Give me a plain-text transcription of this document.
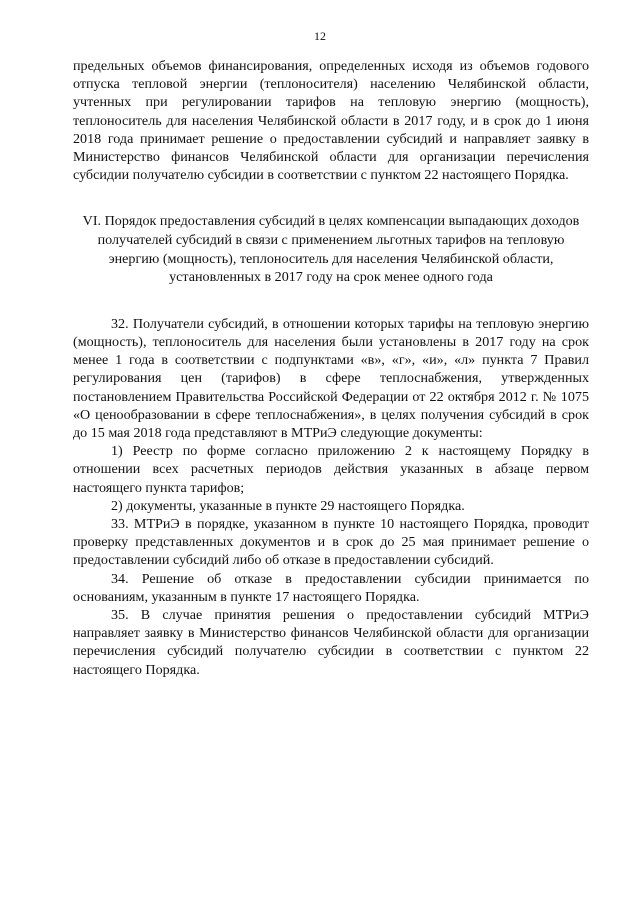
12

предельных объемов финансирования, определенных исходя из объемов годового отпуска тепловой энергии (теплоносителя) населению Челябинской области, учтенных при регулировании тарифов на тепловую энергию (мощность), теплоноситель для населения Челябинской области в 2017 году, и в срок до 1 июня 2018 года принимает решение о предоставлении субсидий и направляет заявку в Министерство финансов Челябинской области для организации перечисления субсидии получателю субсидии в соответствии с пунктом 22 настоящего Порядка.

VI. Порядок предоставления субсидий в целях компенсации выпадающих доходов получателей субсидий в связи с применением льготных тарифов на тепловую энергию (мощность), теплоноситель для населения Челябинской области, установленных в 2017 году на срок менее одного года

32. Получатели субсидий, в отношении которых тарифы на тепловую энергию (мощность), теплоноситель для населения были установлены в 2017 году на срок менее 1 года в соответствии с подпунктами «в», «г», «и», «л» пункта 7 Правил регулирования цен (тарифов) в сфере теплоснабжения, утвержденных постановлением Правительства Российской Федерации от 22 октября 2012 г. № 1075 «О ценообразовании в сфере теплоснабжения», в целях получения субсидий в срок до 15 мая 2018 года представляют в МТРиЭ следующие документы:

1) Реестр по форме согласно приложению 2 к настоящему Порядку в отношении всех расчетных периодов действия указанных в абзаце первом настоящего пункта тарифов;

2) документы, указанные в пункте 29 настоящего Порядка.

33. МТРиЭ в порядке, указанном в пункте 10 настоящего Порядка, проводит проверку представленных документов и в срок до 25 мая принимает решение о предоставлении субсидий либо об отказе в предоставлении субсидий.

34. Решение об отказе в предоставлении субсидии принимается по основаниям, указанным в пункте 17 настоящего Порядка.

35. В случае принятия решения о предоставлении субсидий МТРиЭ направляет заявку в Министерство финансов Челябинской области для организации перечисления субсидий получателю субсидии в соответствии с пунктом 22 настоящего Порядка.
